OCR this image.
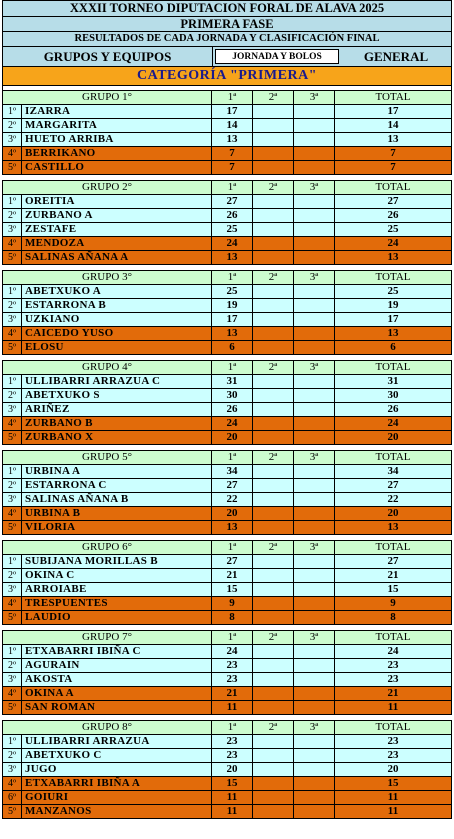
XXXII TORNEO DIPUTACION FORAL DE ALAVA 2025
PRIMERA FASE
RESULTADOS DE CADA JORNADA Y CLASIFICACIÓN FINAL
GRUPOS Y EQUIPOS	JORNADA Y BOLOS	GENERAL
CATEGORÍA "PRIMERA"
GRUPO 1°		1ª	2ª	3ª	TOTAL
1º	IZARRA	17			17
2º	MARGARITA	14			14
3º	HUETO ARRIBA	13			13
4º	BERRIKANO	7			7
5º	CASTILLO	7			7
GRUPO 2°		1ª	2ª	3ª	TOTAL
1º	OREITIA	27			27
2º	ZURBANO A	26			26
3º	ZESTAFE	25			25
4º	MENDOZA	24			24
5º	SALINAS AÑANA A	13			13
GRUPO 3°		1ª	2ª	3ª	TOTAL
1º	ABETXUKO A	25			25
2º	ESTARRONA B	19			19
3º	UZKIANO	17			17
4º	CAICEDO YUSO	13			13
5º	ELOSU	6			6
GRUPO 4°		1ª	2ª	3ª	TOTAL
1º	ULLIBARRI ARRAZUA C	31			31
2º	ABETXUKO S	30			30
3º	ARIÑEZ	26			26
4º	ZURBANO B	24			24
5º	ZURBANO X	20			20
GRUPO 5°		1ª	2ª	3ª	TOTAL
1º	URBINA A	34			34
2º	ESTARRONA C	27			27
3º	SALINAS AÑANA B	22			22
4º	URBINA B	20			20
5º	VILORIA	13			13
GRUPO 6°		1ª	2ª	3ª	TOTAL
1º	SUBIJANA MORILLAS B	27			27
2º	OKINA C	21			21
3º	ARROIABE	15			15
4º	TRESPUENTES	9			9
5º	LAUDIO	8			8
GRUPO 7°		1ª	2ª	3ª	TOTAL
1º	ETXABARRI IBIÑA C	24			24
2º	AGURAIN	23			23
3º	AKOSTA	23			23
4º	OKINA A	21			21
5º	SAN ROMAN	11			11
GRUPO 8°		1ª	2ª	3ª	TOTAL
1º	ULLIBARRI ARRAZUA	23			23
2º	ABETXUKO C	23			23
3º	JUGO	20			20
4º	ETXABARRI IBIÑA A	15			15
6º	GOIURI	11			11
5º	MANZANOS	11			11
